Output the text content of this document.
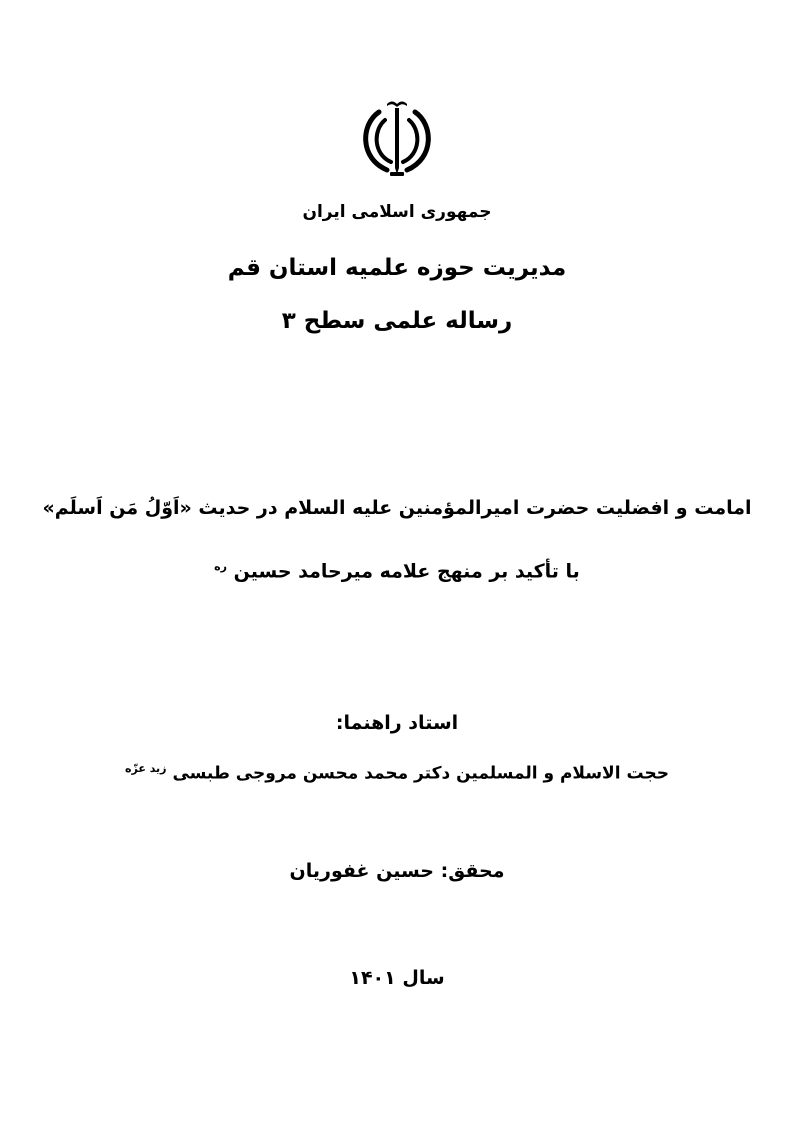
جمهوری اسلامی ایران
مدیریت حوزه علمیه استان قم
رساله علمی سطح ۳
امامت و افضلیت حضرت امیرالمؤمنین علیه السلام در حدیث «اَوّلُ مَن اَسلَم»
با تأکید بر منهج علامه میرحامد حسین $^{ره}$
استاد راهنما:
حجت الاسلام و المسلمین دکتر محمد محسن مروجی طبسی $^{زید عزّه}$
محقق: حسین غفوریان
سال ۱۴۰۱
